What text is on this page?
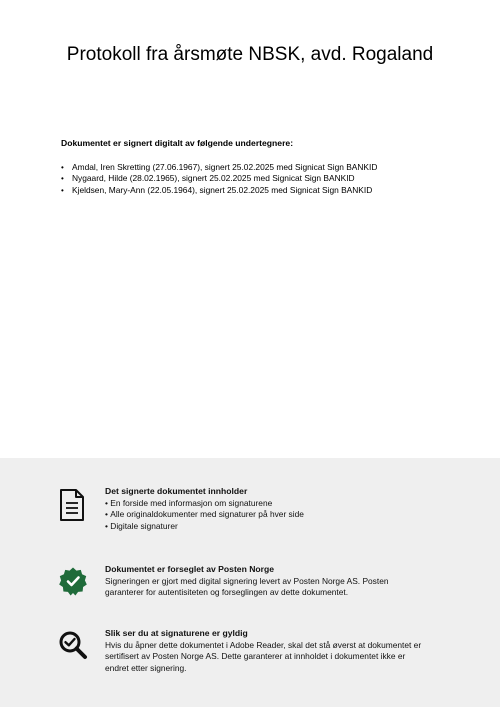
Protokoll fra årsmøte NBSK, avd. Rogaland
Dokumentet er signert digitalt av følgende undertegnere:
• Amdal, Iren Skretting (27.06.1967), signert 25.02.2025 med Signicat Sign BANKID
• Nygaard, Hilde (28.02.1965), signert 25.02.2025 med Signicat Sign BANKID
• Kjeldsen, Mary-Ann (22.05.1964), signert 25.02.2025 med Signicat Sign BANKID
Det signerte dokumentet innholder
• En forside med informasjon om signaturene
• Alle originaldokumenter med signaturer på hver side
• Digitale signaturer
Dokumentet er forseglet av Posten Norge
Signeringen er gjort med digital signering levert av Posten Norge AS. Posten garanterer for autentisiteten og forseglingen av dette dokumentet.
Slik ser du at signaturene er gyldig
Hvis du åpner dette dokumentet i Adobe Reader, skal det stå øverst at dokumentet er sertifisert av Posten Norge AS. Dette garanterer at innholdet i dokumentet ikke er endret etter signering.
